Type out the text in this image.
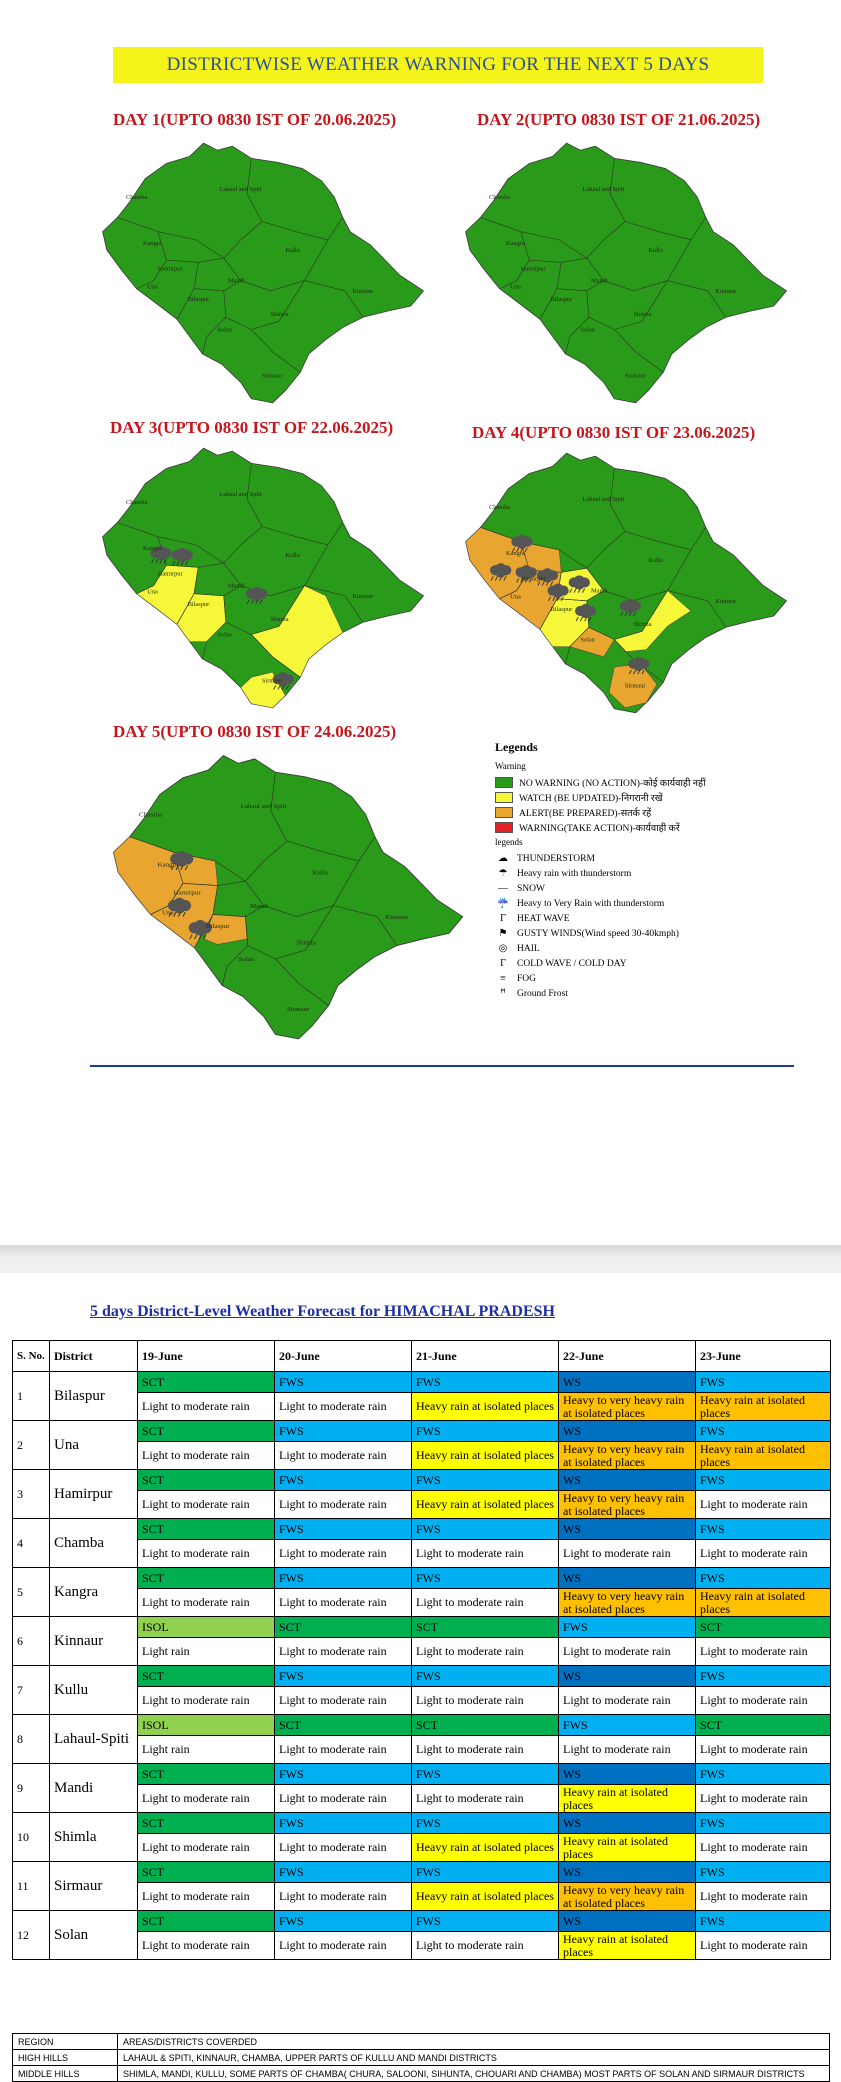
DISTRICTWISE WEATHER WARNING FOR THE NEXT 5 DAYS
DAY 1(UPTO 0830 IST OF 20.06.2025)	DAY 2(UPTO 0830 IST OF 21.06.2025)
DAY 3(UPTO 0830 IST OF 22.06.2025)	DAY 4(UPTO 0830 IST OF 23.06.2025)
DAY 5(UPTO 0830 IST OF 24.06.2025)
Chamba
Lahaul and Spiti
Kangra
Kullu
Hamirpur
Una
Mandi
Bilaspur
Kinnaur
Solan
Shimla
Sirmaur
Chamba
Lahaul and Spiti
Kangra
Kullu
Hamirpur
Una
Mandi
Bilaspur
Kinnaur
Solan
Shimla
Sirmaur
Chamba
Lahaul and Spiti
Kangra
Kullu
Hamirpur
Una
Mandi
Bilaspur
Kinnaur
Solan
Shimla
Sirmaur
Chamba
Lahaul and Spiti
Kangra
Kullu
Hamirpur
Una
Mandi
Bilaspur
Kinnaur
Solan
Shimla
Sirmaur
Chamba
Lahaul and Spiti
Kangra
Kullu
Hamirpur
Una
Mandi
Bilaspur
Kinnaur
Solan
Shimla
Sirmaur
Legends
Warning
NO WARNING (NO ACTION)-कोई कार्यवाही नहीं
WATCH (BE UPDATED)-निगरानी रखें
ALERT(BE PREPARED)-सतर्क रहें
WARNING(TAKE ACTION)-कार्यवाही करें
legends
☁ THUNDERSTORM
☂	Heavy rain with thunderstorm
— SNOW
☔ Heavy to Very Rain with thunderstorm
Γ	HEAT WAVE
⚑	GUSTY WINDS(Wind speed 30-40kmph)
◎	HAIL
Γ	COLD WAVE / COLD DAY
≡	FOG
ꟸ	Ground Frost
5 days District-Level Weather Forecast for HIMACHAL PRADESH
S. No.	District	19-June	20-June	21-June	22-June	23-June
1	Bilaspur	SCT	FWS	FWS	WS	FWS
		Light to moderate rain	Light to moderate rain	Heavy rain at isolated places	Heavy to very heavy rain at isolated places	Heavy rain at isolated places
2	Una	SCT	FWS	FWS	WS	FWS
		Light to moderate rain	Light to moderate rain	Heavy rain at isolated places	Heavy to very heavy rain at isolated places	Heavy rain at isolated places
3	Hamirpur	SCT	FWS	FWS	WS	FWS
		Light to moderate rain	Light to moderate rain	Heavy rain at isolated places	Heavy to very heavy rain at isolated places	Light to moderate rain
4	Chamba	SCT	FWS	FWS	WS	FWS
		Light to moderate rain	Light to moderate rain	Light to moderate rain	Light to moderate rain	Light to moderate rain
5	Kangra	SCT	FWS	FWS	WS	FWS
		Light to moderate rain	Light to moderate rain	Light to moderate rain	Heavy to very heavy rain at isolated places	Heavy rain at isolated places
6	Kinnaur	ISOL	SCT	SCT	FWS	SCT
		Light rain	Light to moderate rain	Light to moderate rain	Light to moderate rain	Light to moderate rain
7	Kullu	SCT	FWS	FWS	WS	FWS
		Light to moderate rain	Light to moderate rain	Light to moderate rain	Light to moderate rain	Light to moderate rain
8	Lahaul-Spiti	ISOL	SCT	SCT	FWS	SCT
		Light rain	Light to moderate rain	Light to moderate rain	Light to moderate rain	Light to moderate rain
9	Mandi	SCT	FWS	FWS	WS	FWS
		Light to moderate rain	Light to moderate rain	Light to moderate rain	Heavy rain at isolated places	Light to moderate rain
10	Shimla	SCT	FWS	FWS	WS	FWS
		Light to moderate rain	Light to moderate rain	Heavy rain at isolated places	Heavy rain at isolated places	Light to moderate rain
11	Sirmaur	SCT	FWS	FWS	WS	FWS
		Light to moderate rain	Light to moderate rain	Heavy rain at isolated places	Heavy to very heavy rain at isolated places	Light to moderate rain
12	Solan	SCT	FWS	FWS	WS	FWS
		Light to moderate rain	Light to moderate rain	Light to moderate rain	Heavy rain at isolated places	Light to moderate rain
REGION	AREAS/DISTRICTS COVERDED
HIGH HILLS	LAHAUL & SPITI, KINNAUR, CHAMBA, UPPER PARTS OF KULLU AND MANDI DISTRICTS
MIDDLE HILLS	SHIMLA, MANDI, KULLU, SOME PARTS OF CHAMBA( CHURA, SALOONI, SIHUNTA, CHOUARI AND CHAMBA) MOST PARTS OF SOLAN AND SIRMAUR DISTRICTS
